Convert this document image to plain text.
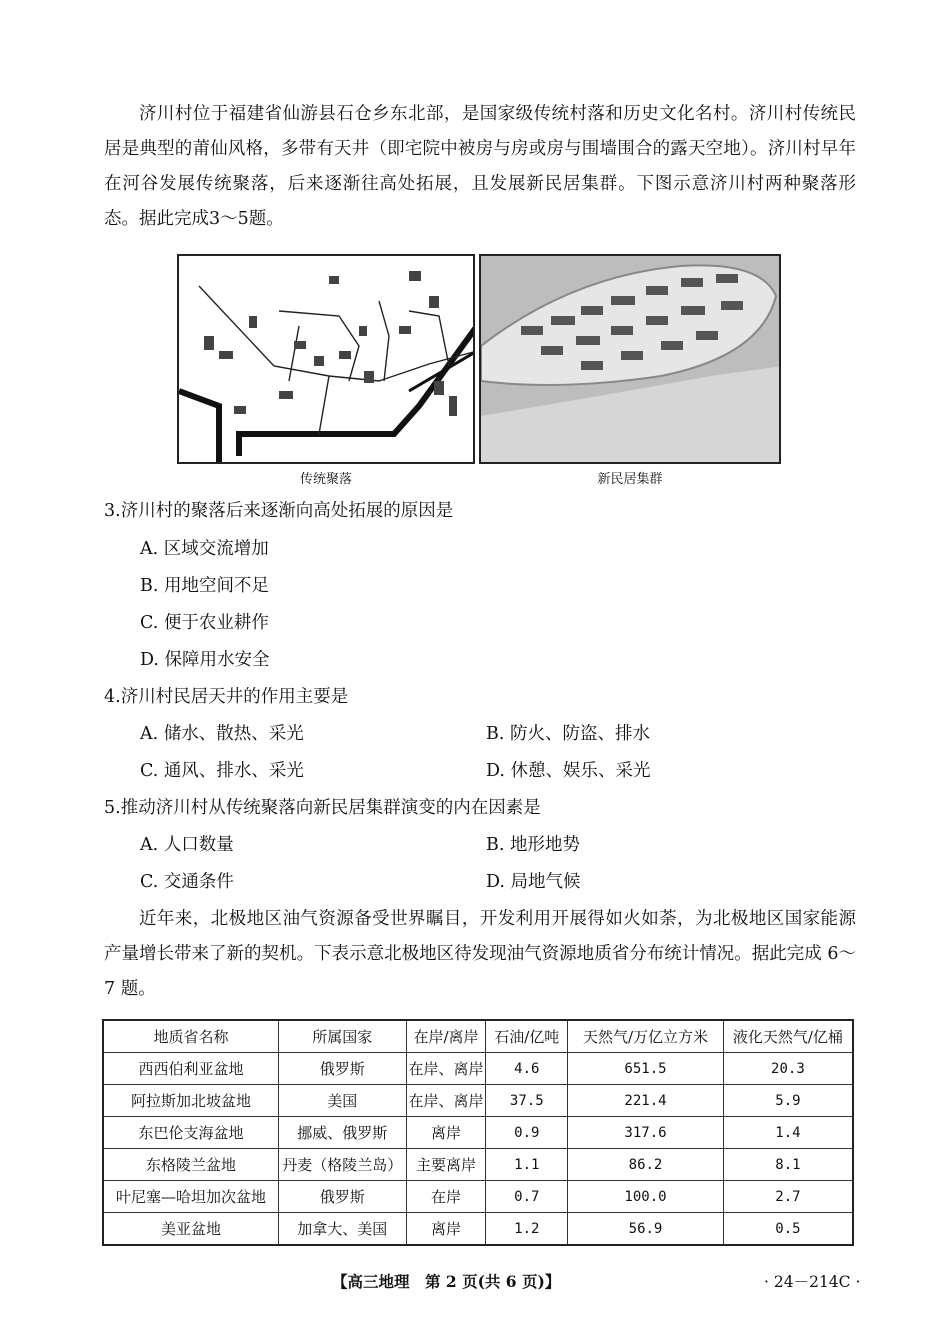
济川村位于福建省仙游县石仓乡东北部，是国家级传统村落和历史文化名村。济川村传统民居是典型的莆仙风格，多带有天井（即宅院中被房与房或房与围墙围合的露天空地）。济川村早年在河谷发展传统聚落，后来逐渐往高处拓展，且发展新民居集群。下图示意济川村两种聚落形态。据此完成3～5题。
传统聚落	新民居集群
3.济川村的聚落后来逐渐向高处拓展的原因是
A. 区域交流增加
B. 用地空间不足
C. 便于农业耕作
D. 保障用水安全
4.济川村民居天井的作用主要是
A. 储水、散热、采光	B. 防火、防盗、排水
C. 通风、排水、采光	D. 休憩、娱乐、采光
5.推动济川村从传统聚落向新民居集群演变的内在因素是
A. 人口数量	B. 地形地势
C. 交通条件	D. 局地气候
近年来，北极地区油气资源备受世界瞩目，开发利用开展得如火如荼，为北极地区国家能源产量增长带来了新的契机。下表示意北极地区待发现油气资源地质省分布统计情况。据此完成 6～7 题。
地质省名称	所属国家	在岸/离岸	石油/亿吨	天然气/万亿立方米	液化天然气/亿桶
西西伯利亚盆地	俄罗斯	在岸、离岸	4.6	651.5	20.3
阿拉斯加北坡盆地	美国	在岸、离岸	37.5	221.4	5.9
东巴伦支海盆地	挪威、俄罗斯	离岸	0.9	317.6	1.4
东格陵兰盆地	丹麦（格陵兰岛）	主要离岸	1.1	86.2	8.1
叶尼塞—哈坦加次盆地	俄罗斯	在岸	0.7	100.0	2.7
美亚盆地	加拿大、美国	离岸	1.2	56.9	0.5
【高三地理　第 2 页(共 6 页)】	· 24－214C ·
